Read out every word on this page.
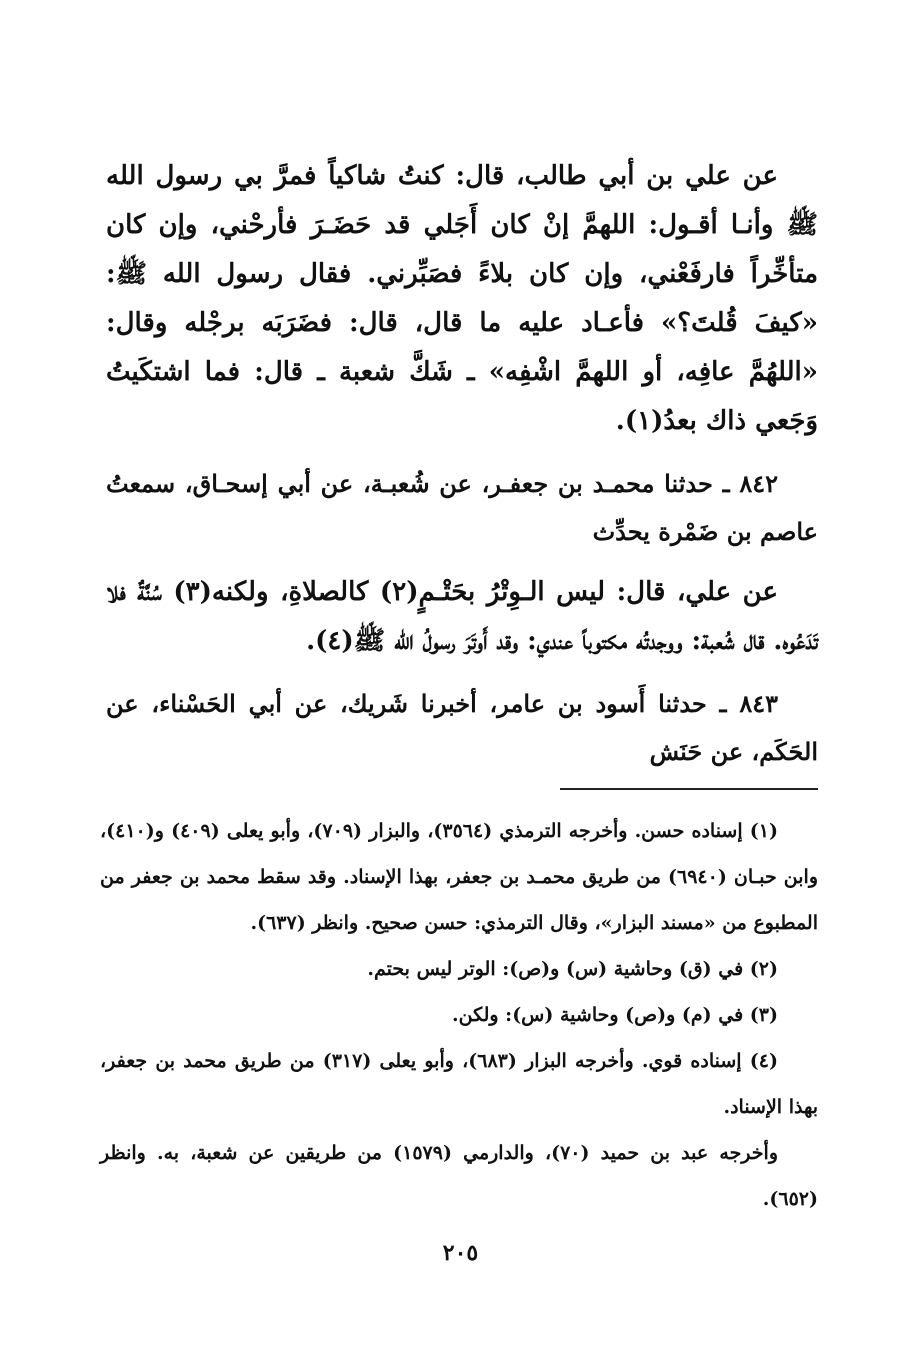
عن علي بن أبي طالب، قال: كنتُ شاكياً فمرَّ بي رسول الله ﷺ وأنـا أقـول: اللهمَّ إنْ كان أَجَلي قد حَضَـرَ فأرحْني، وإن كان متأخِّراً فارفَعْني، وإن كان بلاءً فصَبِّرني. فقال رسول الله ﷺ: «كيفَ قُلتَ؟» فأعـاد عليه ما قال، قال: فضَرَبَه برجْله وقال: «اللهُمَّ عافِه، أو اللهمَّ اشْفِه» ـ شَكَّ شعبة ـ قال: فما اشتكَيتُ وَجَعي ذاك بعدُ(١).

٨٤٢ ـ حدثنا محمـد بن جعفـر، عن شُعبـة، عن أبي إسحـاق، سمعتُ عاصم بن ضَمْرة يحدِّث

عن علي، قال: ليس الـوِتْرُ بحَتْـمٍ(٢) كالصلاةِ، ولكنه(٣) سُنَّةٌ فلا تَدَعُوه. قال شُعبة: ووجدتُه مكتوباً عندي: وقد أَوتَرَ رسولُ الله ﷺ(٤).

٨٤٣ ـ حدثنا أَسود بن عامر، أخبرنا شَريك، عن أبي الحَسْناء، عن الحَكَم، عن حَنَش

(١) إسناده حسن. وأخرجه الترمذي (٣٥٦٤)، والبزار (٧٠٩)، وأبو يعلى (٤٠٩) و(٤١٠)، وابن حبـان (٦٩٤٠) من طريق محمـد بن جعفر، بهذا الإسناد. وقد سقط محمد بن جعفر من المطبوع من «مسند البزار»، وقال الترمذي: حسن صحيح. وانظر (٦٣٧).

(٢) في (ق) وحاشية (س) و(ص): الوتر ليس بحتم.

(٣) في (م) و(ص) وحاشية (س): ولكن.

(٤) إسناده قوي. وأخرجه البزار (٦٨٣)، وأبو يعلى (٣١٧) من طريق محمد بن جعفر، بهذا الإسناد.

وأخرجه عبد بن حميد (٧٠)، والدارمي (١٥٧٩) من طريقين عن شعبة، به. وانظر (٦٥٢).

٢٠٥
